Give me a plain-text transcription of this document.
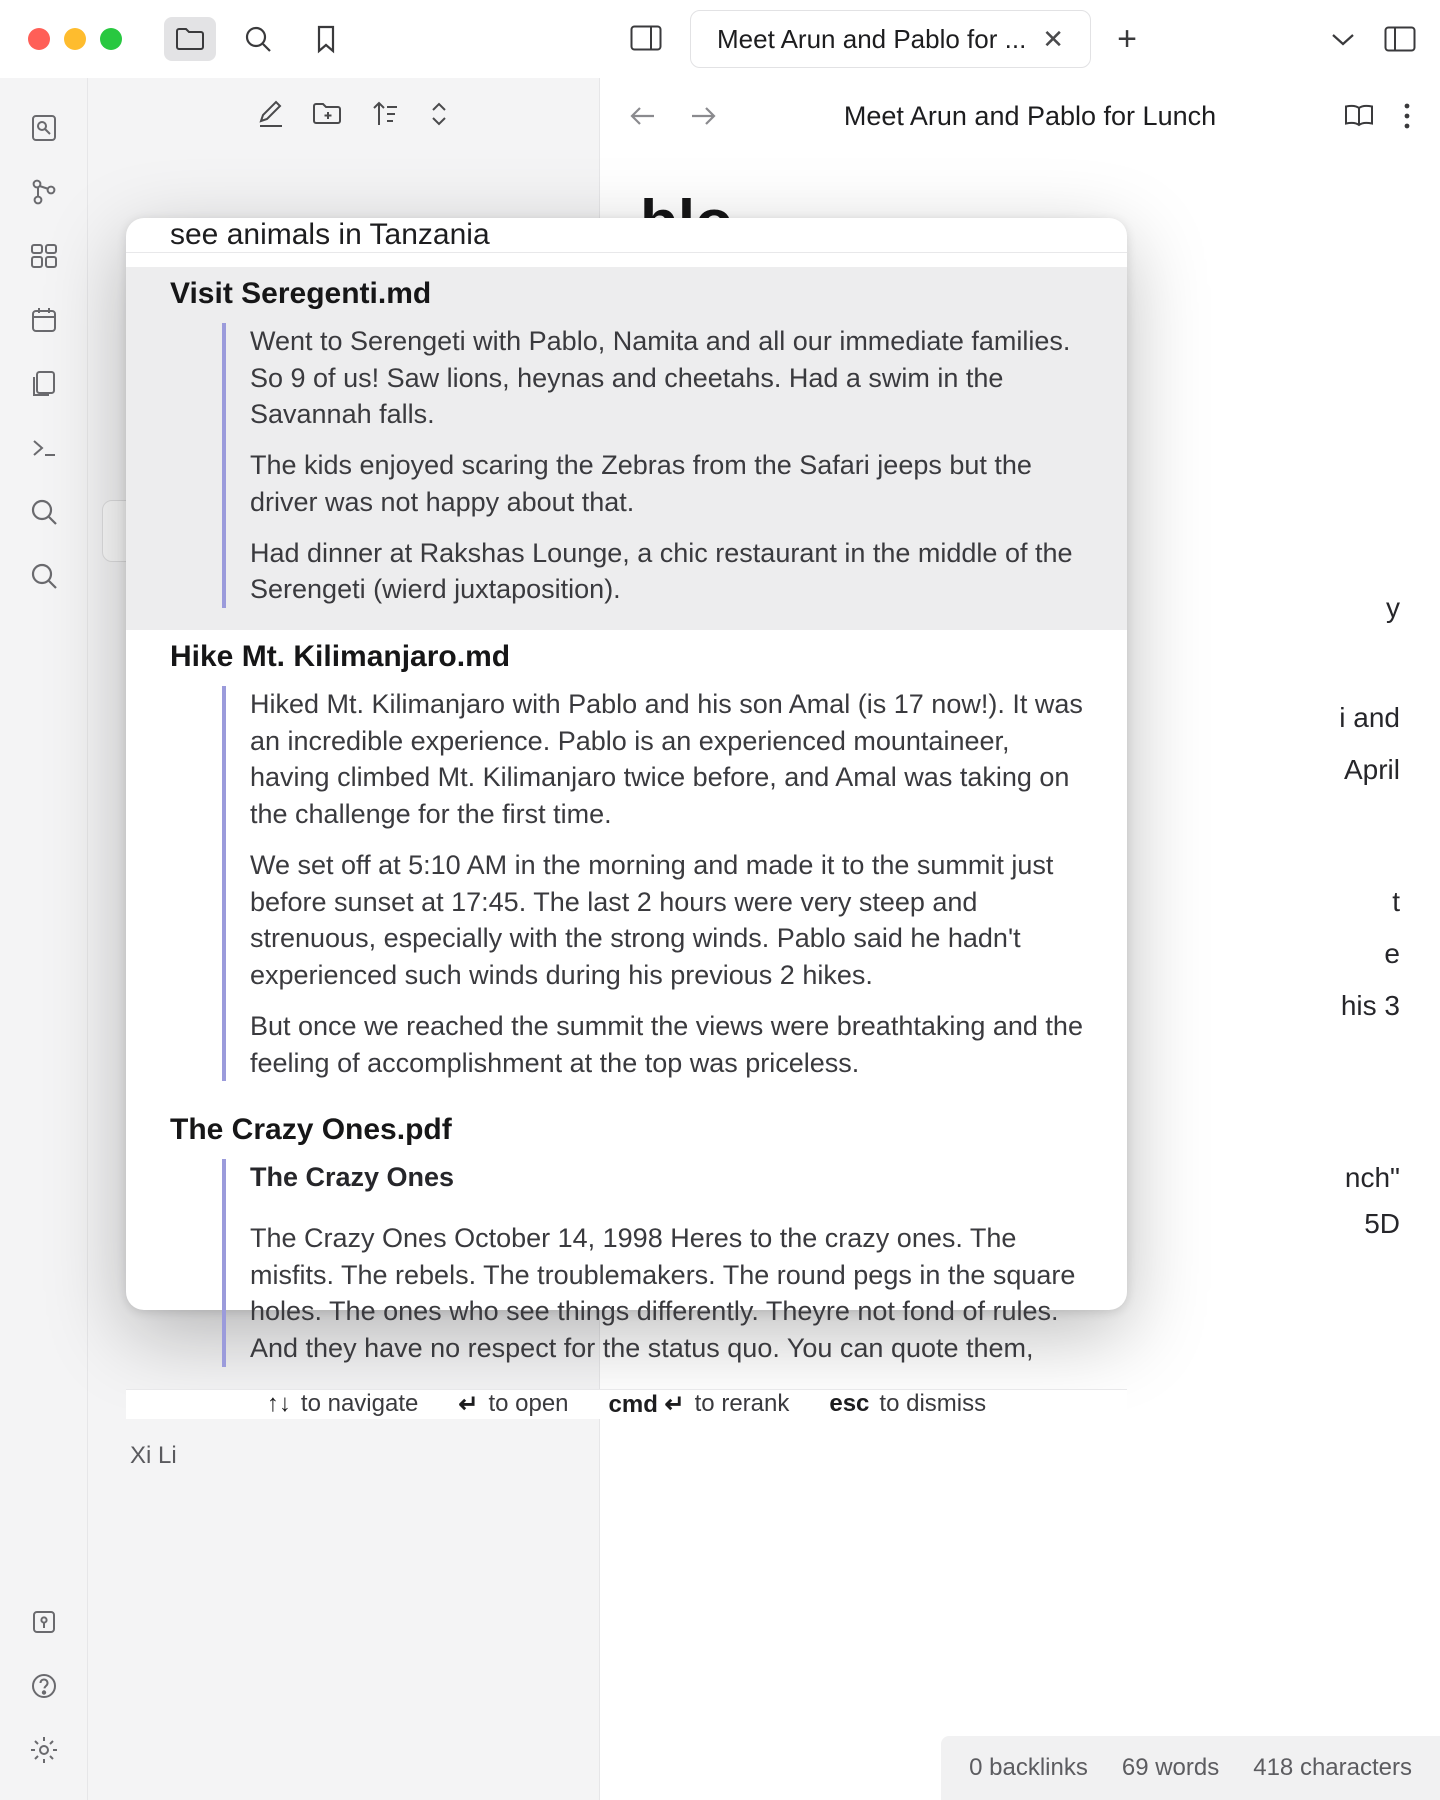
Meet Arun and Pablo for ... ✕ +
Xi Li
Meet Arun and Pablo for Lunch
y
i and
April
t
e
his 3
nch"
5D
0 backlinks 69 words 418 characters
see animals in Tanzania
Visit Seregenti.md

Went to Serengeti with Pablo, Namita and all our immediate families. So 9 of us! Saw lions, heynas and cheetahs. Had a swim in the Savannah falls.

The kids enjoyed scaring the Zebras from the Safari jeeps but the driver was not happy about that.

Had dinner at Rakshas Lounge, a chic restaurant in the middle of the Serengeti (wierd juxtaposition).

Hike Mt. Kilimanjaro.md

Hiked Mt. Kilimanjaro with Pablo and his son Amal (is 17 now!). It was an incredible experience. Pablo is an experienced mountaineer, having climbed Mt. Kilimanjaro twice before, and Amal was taking on the challenge for the first time.

We set off at 5:10 AM in the morning and made it to the summit just before sunset at 17:45. The last 2 hours were very steep and strenuous, especially with the strong winds. Pablo said he hadn't experienced such winds during his previous 2 hikes.

But once we reached the summit the views were breathtaking and the feeling of accomplishment at the top was priceless.

The Crazy Ones.pdf

The Crazy Ones

The Crazy Ones October 14, 1998 Heres to the crazy ones. The misfits. The rebels. The troublemakers. The round pegs in the square holes. The ones who see things differently. Theyre not fond of rules. And they have no respect for the status quo. You can quote them,

↑↓ to navigate ↵ to open cmd ↵ to rerank esc to dismiss
